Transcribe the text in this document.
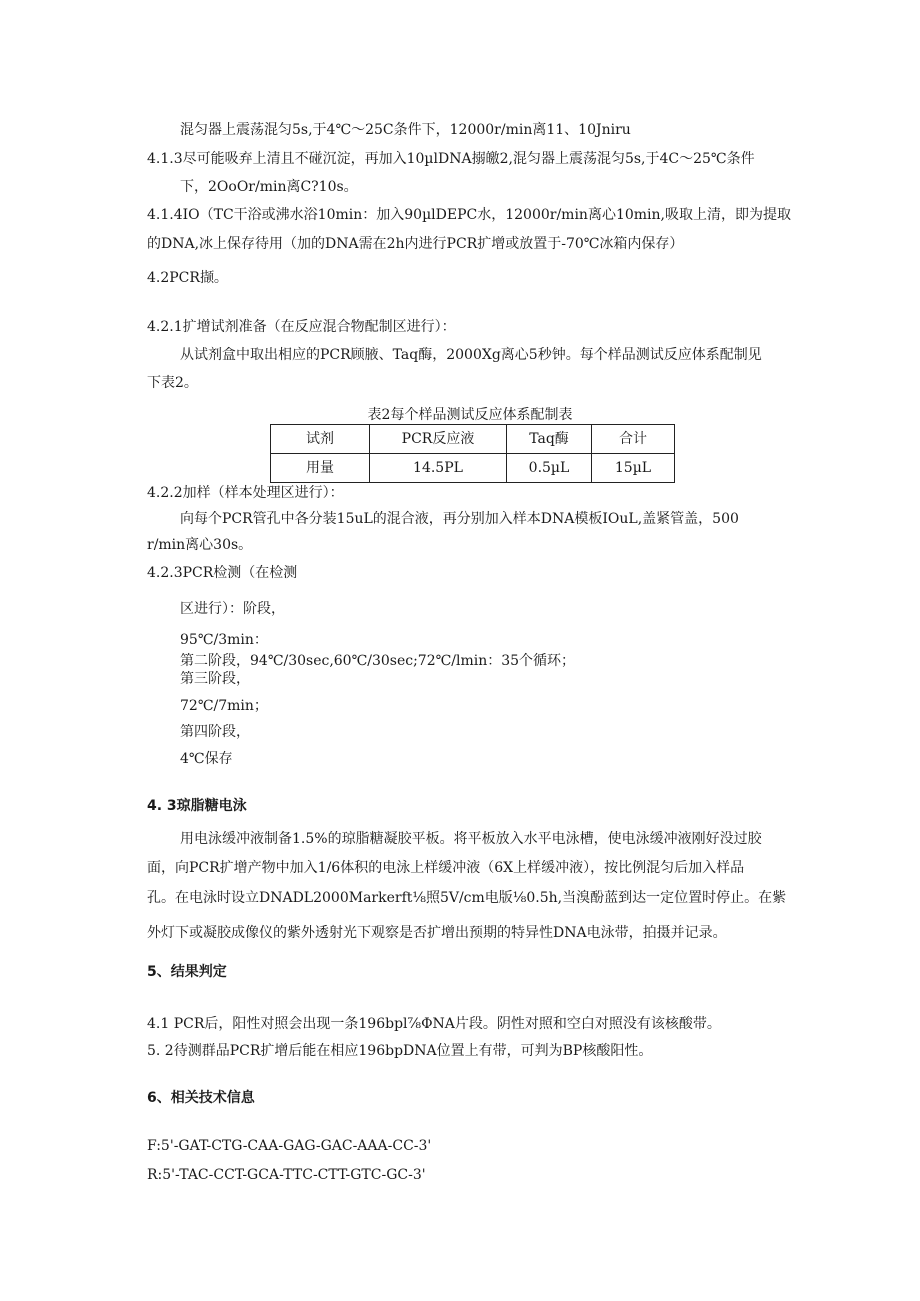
混匀器上震荡混匀5s,于4℃～25C条件下，12000r/min离11、10Jniru
4.1.3尽可能吸弃上清且不碰沉淀，再加入10µlDNA搦皦2,混匀器上震荡混匀5s,于4C～25℃条件
下，2OoOr/min离C?10s。
4.1.4IO（TC干浴或沸水浴10min：加入90µlDEPC水，12000r/min离心10min,吸取上清，即为提取
的DNA,冰上保存待用（加的DNA需在2h内进行PCR扩增或放置于-70℃冰箱内保存）
4.2PCR撷。
4.2.1扩增试剂准备（在反应混合物配制区进行）：
从试剂盒中取出相应的PCR顾腋、Taq酶，2000Xg离心5秒钟。每个样品测试反应体系配制见
下表2。
表2每个样品测试反应体系配制表
试剂	PCR反应液	Taq酶	合计
用量	14.5PL	0.5µL	15µL
4.2.2加样（样本处理区进行）：
向每个PCR管孔中各分装15uL的混合液，再分别加入样本DNA模板IOuL,盖紧管盖，500
r/min离心30s。
4.2.3PCR检测（在检测
区进行）：阶段，
95℃/3min：
第二阶段，94℃/30sec,60℃/30sec;72℃/lmin：35个循环；
第三阶段，
72℃/7min；
第四阶段，
4℃保存
4. 3琼脂糖电泳
用电泳缓冲液制备1.5%的琼脂糖凝胶平板。将平板放入水平电泳槽，使电泳缓冲液刚好没过胶
面，向PCR扩增产物中加入1/6体积的电泳上样缓冲液（6X上样缓冲液），按比例混匀后加入样品
孔。在电泳时设立DNADL2000Markerft⅛照5V/cm电版⅛0.5h,当溴酚蓝到达一定位置时停止。在紫
外灯下或凝胶成像仪的紫外透射光下观察是否扩增出预期的特异性DNA电泳带，拍摄并记录。
5、结果判定
4.1 PCR后，阳性对照会出现一条196bpl⅞ΦNA片段。阴性对照和空白对照没有该核酸带。
5. 2待测群品PCR扩增后能在相应196bpDNA位置上有带，可判为BP核酸阳性。
6、相关技术信息
F:5'-GAT-CTG-CAA-GAG-GAC-AAA-CC-3'
R:5'-TAC-CCT-GCA-TTC-CTT-GTC-GC-3'
